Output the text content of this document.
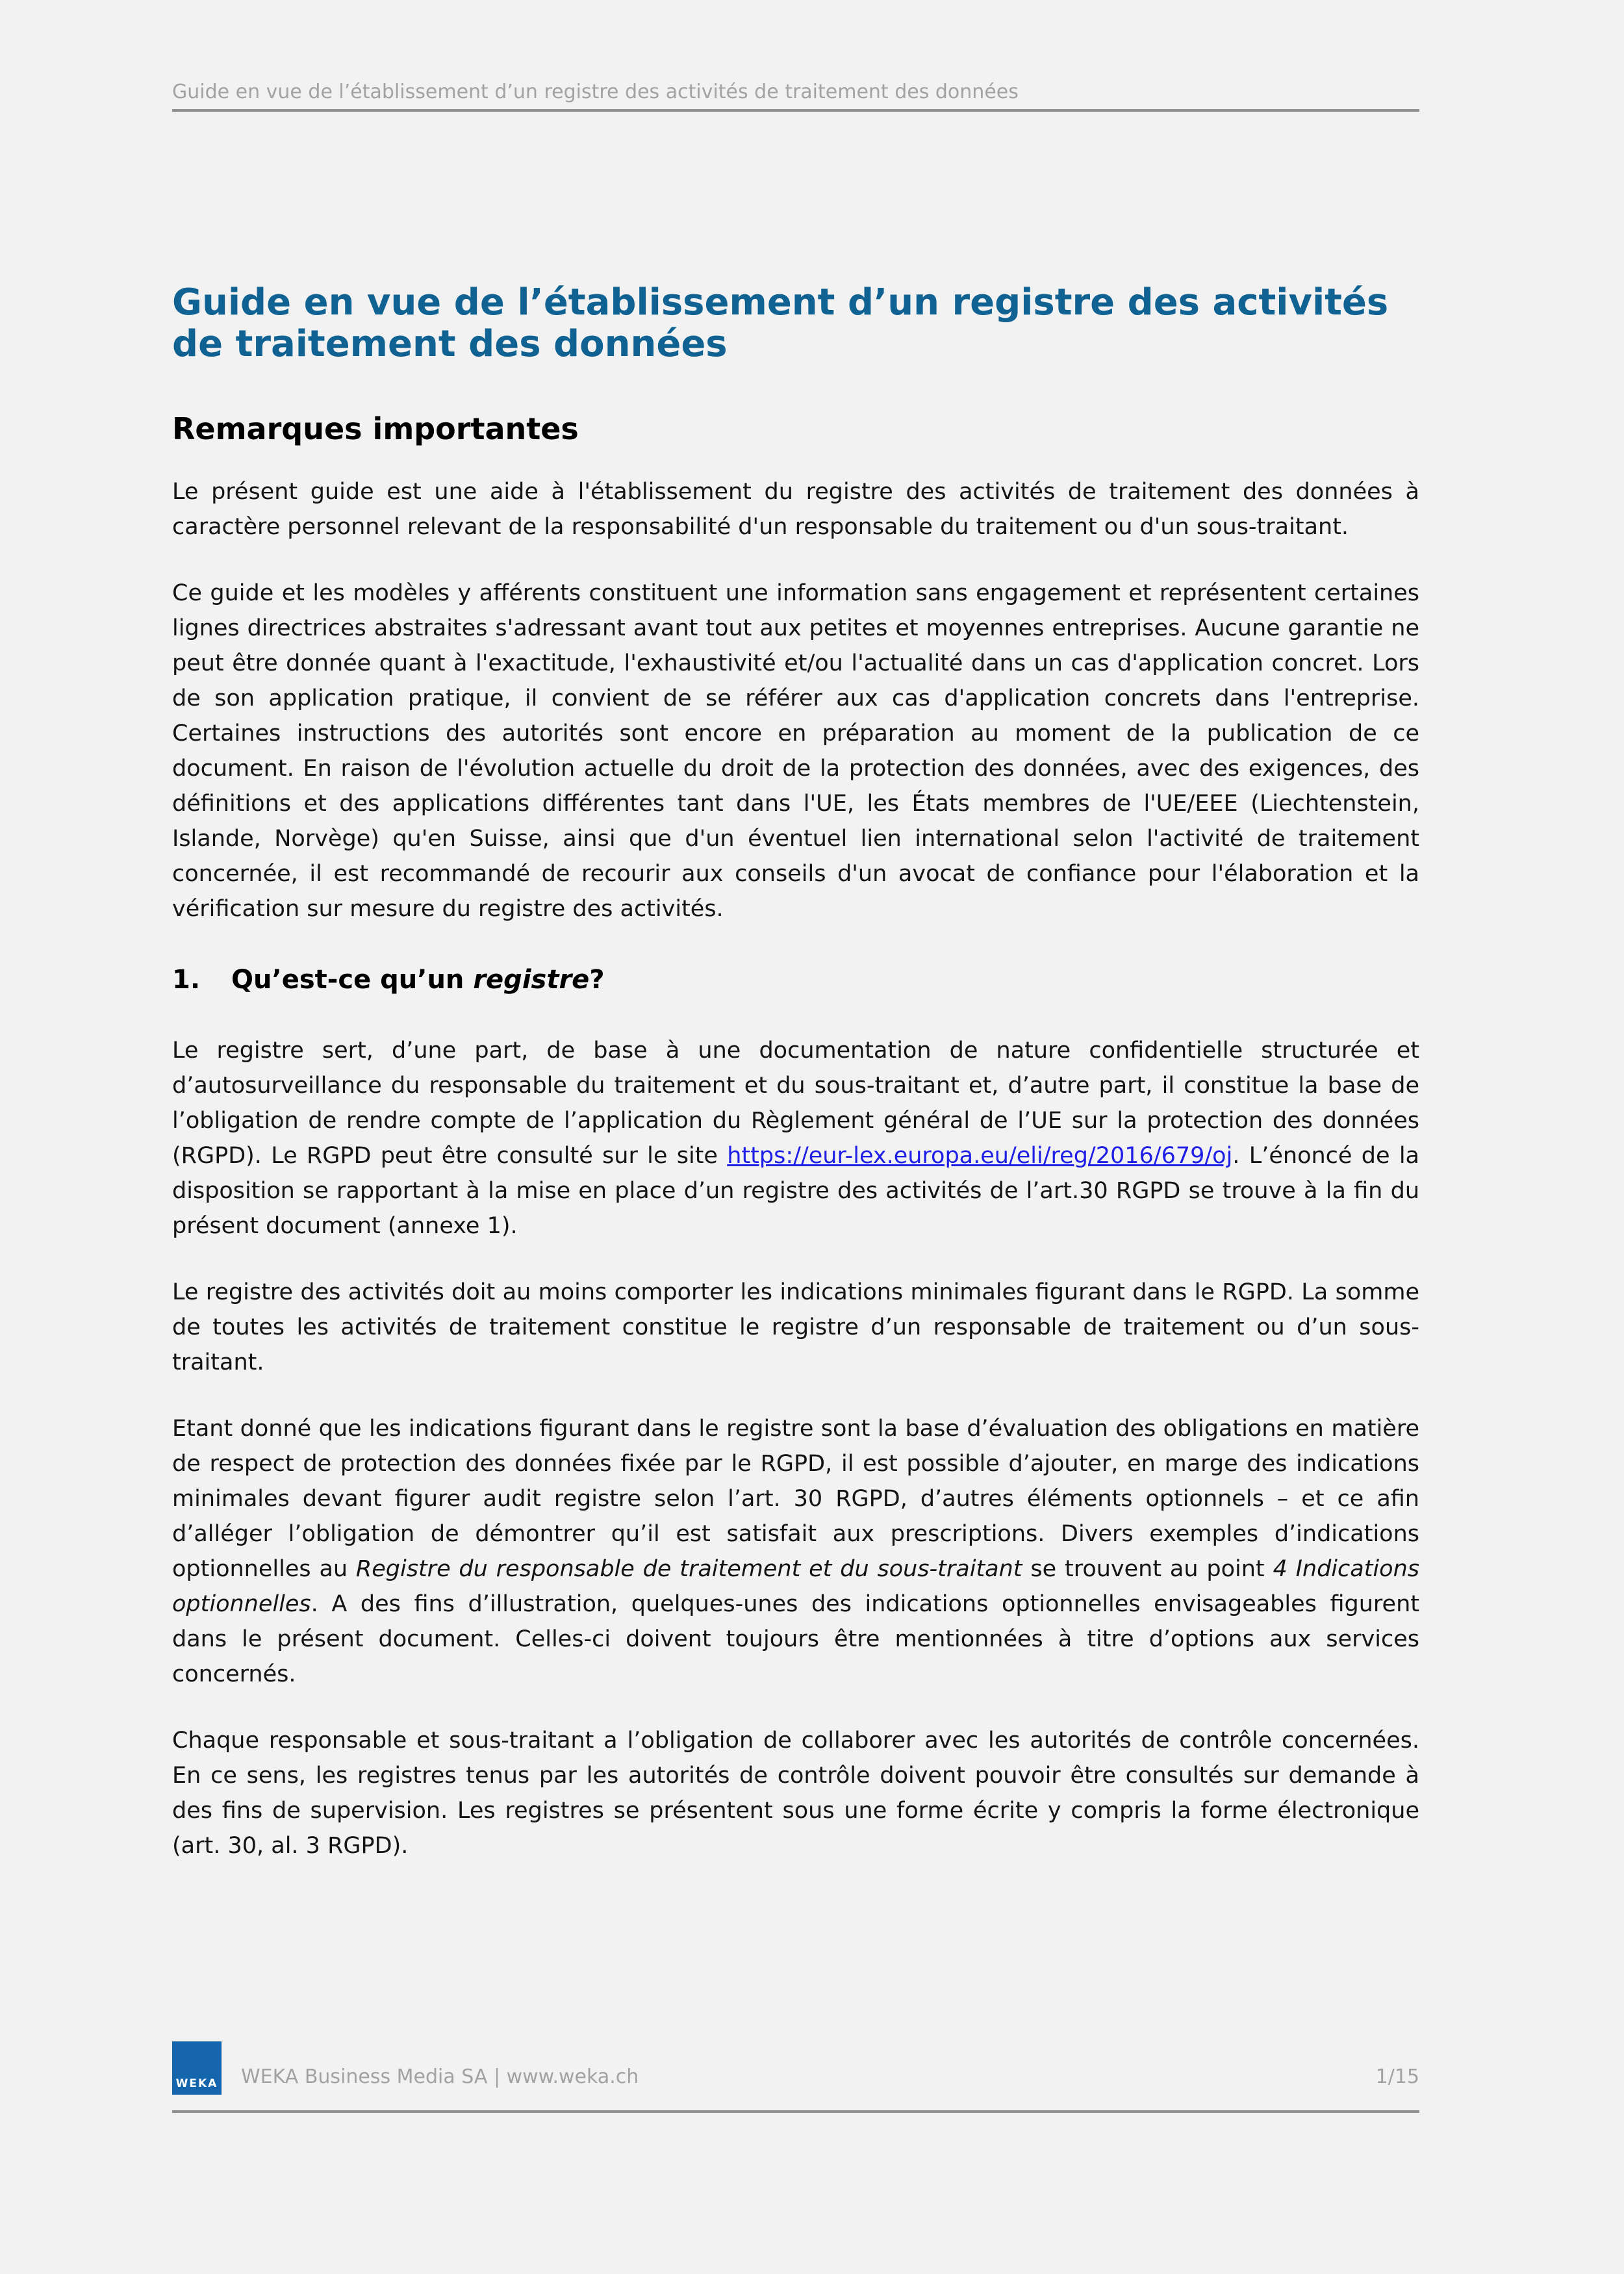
Guide en vue de l’établissement d’un registre des activités de traitement des données
Guide en vue de l’établissement d’un registre des activités de traitement des données
Remarques importantes

Le présent guide est une aide à l'établissement du registre des activités de traitement des données à caractère personnel relevant de la responsabilité d'un responsable du traitement ou d'un sous-traitant.

Ce guide et les modèles y afférents constituent une information sans engagement et représentent certaines lignes directrices abstraites s'adressant avant tout aux petites et moyennes entreprises. Aucune garantie ne peut être donnée quant à l'exactitude, l'exhaustivité et/ou l'actualité dans un cas d'application concret. Lors de son application pratique, il convient de se référer aux cas d'application concrets dans l'entreprise. Certaines instructions des autorités sont encore en préparation au moment de la publication de ce document. En raison de l'évolution actuelle du droit de la protection des données, avec des exigences, des définitions et des applications différentes tant dans l'UE, les États membres de l'UE/EEE (Liechtenstein, Islande, Norvège) qu'en Suisse, ainsi que d'un éventuel lien international selon l'activité de traitement concernée, il est recommandé de recourir aux conseils d'un avocat de confiance pour l'élaboration et la vérification sur mesure du registre des activités.

1. Qu’est-ce qu’un registre?

Le registre sert, d’une part, de base à une documentation de nature confidentielle structurée et d’autosurveillance du responsable du traitement et du sous-traitant et, d’autre part, il constitue la base de l’obligation de rendre compte de l’application du Règlement général de l’UE sur la protection des données (RGPD). Le RGPD peut être consulté sur le site https://eur-lex.europa.eu/eli/reg/2016/679/oj. L’énoncé de la disposition se rapportant à la mise en place d’un registre des activités de l’art.30 RGPD se trouve à la fin du présent document (annexe 1).

Le registre des activités doit au moins comporter les indications minimales figurant dans le RGPD. La somme de toutes les activités de traitement constitue le registre d’un responsable de traitement ou d’un sous-traitant.

Etant donné que les indications figurant dans le registre sont la base d’évaluation des obligations en matière de respect de protection des données fixée par le RGPD, il est possible d’ajouter, en marge des indications minimales devant figurer audit registre selon l’art. 30 RGPD, d’autres éléments optionnels – et ce afin d’alléger l’obligation de démontrer qu’il est satisfait aux prescriptions. Divers exemples d’indications optionnelles au Registre du responsable de traitement et du sous-traitant se trouvent au point 4 Indications optionnelles. A des fins d’illustration, quelques-unes des indications optionnelles envisageables figurent dans le présent document. Celles-ci doivent toujours être mentionnées à titre d’options aux services concernés.

Chaque responsable et sous-traitant a l’obligation de collaborer avec les autorités de contrôle concernées. En ce sens, les registres tenus par les autorités de contrôle doivent pouvoir être consultés sur demande à des fins de supervision. Les registres se présentent sous une forme écrite y compris la forme électronique (art. 30, al. 3 RGPD).

WEKA WEKA Business Media SA | www.weka.ch	1/15
